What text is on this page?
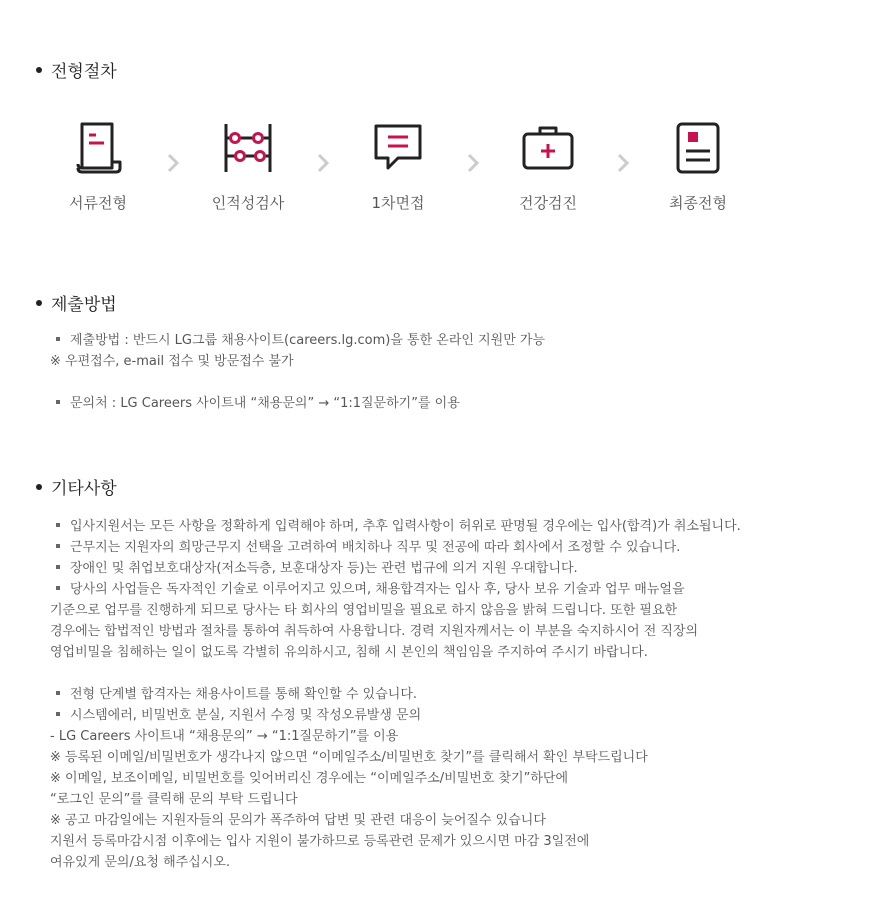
전형절차
서류전형	인적성검사	1차면접	건강검진	최종전형
제출방법
제출방법 : 반드시 LG그룹 채용사이트(careers.lg.com)을 통한 온라인 지원만 가능
※ 우편접수, e-mail 접수 및 방문접수 불가
문의처 : LG Careers 사이트내 “채용문의” → “1:1질문하기”를 이용
기타사항
입사지원서는 모든 사항을 정확하게 입력해야 하며, 추후 입력사항이 허위로 판명될 경우에는 입사(합격)가 취소됩니다.
근무지는 지원자의 희망근무지 선택을 고려하여 배치하나 직무 및 전공에 따라 회사에서 조정할 수 있습니다.
장애인 및 취업보호대상자(저소득층, 보훈대상자 등)는 관련 법규에 의거 지원 우대합니다.
당사의 사업들은 독자적인 기술로 이루어지고 있으며, 채용합격자는 입사 후, 당사 보유 기술과 업무 매뉴얼을
기준으로 업무를 진행하게 되므로 당사는 타 회사의 영업비밀을 필요로 하지 않음을 밝혀 드립니다. 또한 필요한
경우에는 합법적인 방법과 절차를 통하여 취득하여 사용합니다. 경력 지원자께서는 이 부분을 숙지하시어 전 직장의
영업비밀을 침해하는 일이 없도록 각별히 유의하시고, 침해 시 본인의 책임임을 주지하여 주시기 바랍니다.
전형 단계별 합격자는 채용사이트를 통해 확인할 수 있습니다.
시스템에러, 비밀번호 분실, 지원서 수정 및 작성오류발생 문의
- LG Careers 사이트내 “채용문의” → “1:1질문하기”를 이용
※ 등록된 이메일/비밀번호가 생각나지 않으면 “이메일주소/비밀번호 찾기”를 클릭해서 확인 부탁드립니다
※ 이메일, 보조이메일, 비밀번호를 잊어버리신 경우에는 “이메일주소/비밀번호 찾기”하단에
“로그인 문의”를 클릭해 문의 부탁 드립니다
※ 공고 마감일에는 지원자들의 문의가 폭주하여 답변 및 관련 대응이 늦어질수 있습니다
지원서 등록마감시점 이후에는 입사 지원이 불가하므로 등록관련 문제가 있으시면 마감 3일전에
여유있게 문의/요청 해주십시오.
